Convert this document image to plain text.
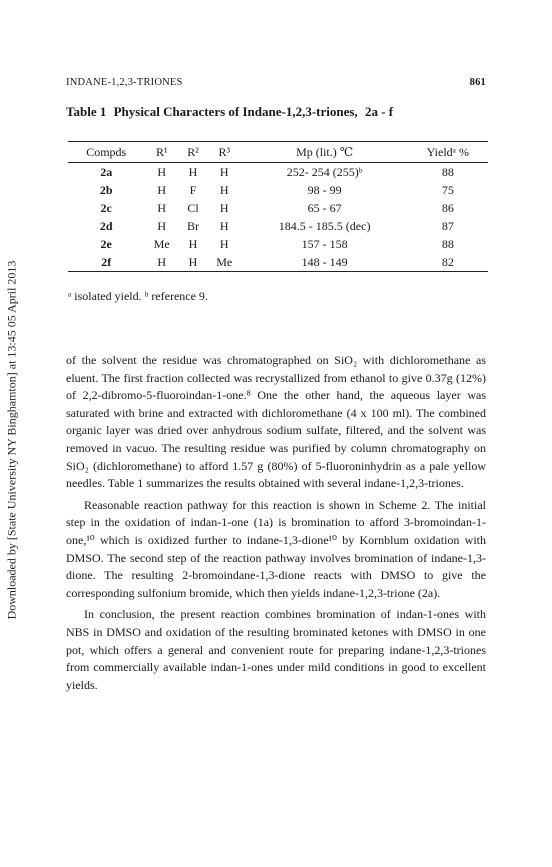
Downloaded by [State University NY Binghamton] at 13:45 05 April 2013
INDANE-1,2,3-TRIONES	861
Table 1 Physical Characters of Indane-1,2,3-triones, 2a - f
Compds	R¹	R²	R³	Mp (lit.) ℃	Yieldᵃ %
2a	H	H	H	252- 254 (255)ᵇ	88
2b	H	F	H	98 - 99	75
2c	H	Cl	H	65 - 67	86
2d	H	Br	H	184.5 - 185.5 (dec)	87
2e	Me	H	H	157 - 158	88
2f	H	H	Me	148 - 149	82
ᵃ isolated yield. ᵇ reference 9.

of the solvent the residue was chromatographed on SiO₂ with dichloromethane as eluent. The first fraction collected was recrystallized from ethanol to give 0.37g (12%) of 2,2-dibromo-5-fluoroindan-1-one.⁸ One the other hand, the aqueous layer was saturated with brine and extracted with dichloromethane (4 x 100 ml). The combined organic layer was dried over anhydrous sodium sulfate, filtered, and the solvent was removed in vacuo. The resulting residue was purified by column chromatography on SiO₂ (dichloromethane) to afford 1.57 g (80%) of 5-fluoroninhydrin as a pale yellow needles. Table 1 summarizes the results obtained with several indane-1,2,3-triones.

Reasonable reaction pathway for this reaction is shown in Scheme 2. The initial step in the oxidation of indan-1-one (1a) is bromination to afford 3-bromoindan-1-one,¹⁰ which is oxidized further to indane-1,3-dione¹⁰ by Kornblum oxidation with DMSO. The second step of the reaction pathway involves bromination of indane-1,3-dione. The resulting 2-bromoindane-1,3-dione reacts with DMSO to give the corresponding sulfonium bromide, which then yields indane-1,2,3-trione (2a).

In conclusion, the present reaction combines bromination of indan-1-ones with NBS in DMSO and oxidation of the resulting brominated ketones with DMSO in one pot, which offers a general and convenient route for preparing indane-1,2,3-triones from commercially available indan-1-ones under mild conditions in good to excellent yields.
